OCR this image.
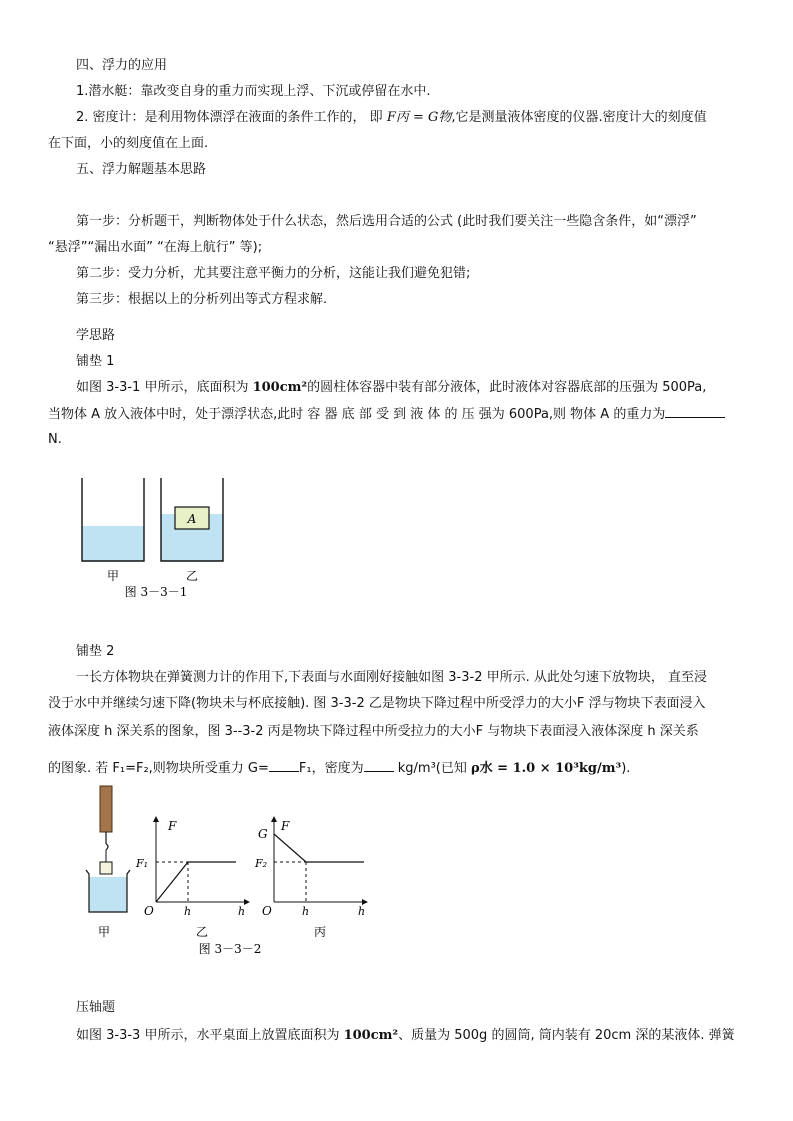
四、浮力的应用
1.潜水艇：靠改变自身的重力而实现上浮、下沉或停留在水中.
2. 密度计：是利用物体漂浮在液面的条件工作的， 即 F丙 = G物,它是测量液体密度的仪器.密度计大的刻度值
在下面，小的刻度值在上面.
五、浮力解题基本思路
第一步：分析题干，判断物体处于什么状态，然后选用合适的公式 (此时我们要关注一些隐含条件，如“漂浮”
“悬浮”“漏出水面” “在海上航行” 等);
第二步：受力分析，尤其要注意平衡力的分析，这能让我们避免犯错;
第三步：根据以上的分析列出等式方程求解.
学思路
铺垫 1
如图 3-3-1 甲所示，底面积为 100cm²的圆柱体容器中装有部分液体，此时液体对容器底部的压强为 500Pa,
当物体 A 放入液体中时，处于漂浮状态,此时 容 器 底 部 受 到 液 体 的 压 强为 600Pa,则 物体 A 的重力为
N.
A
甲	乙
图 3－3－1
铺垫 2
一长方体物块在弹簧测力计的作用下,下表面与水面刚好接触如图 3-3-2 甲所示. 从此处匀速下放物块， 直至浸
没于水中并继续匀速下降(物块未与杯底接触). 图 3-3-2 乙是物块下降过程中所受浮力的大小F 浮与物块下表面浸入
液体深度 h 深关系的图象，图 3--3-2 丙是物块下降过程中所受拉力的大小F 与物块下表面浸入液体深度 h 深关系
的图象. 若 F₁=F₂,则物块所受重力 G= F₁，密度为 kg/m³(已知 ρ水 = 1.0 × 10³kg/m³).
甲
F
F₁
O	h	h
乙
F
G
F₂
O	h	h
丙
图 3－3－2
压轴题
如图 3-3-3 甲所示，水平桌面上放置底面积为 100cm²、质量为 500g 的圆筒, 筒内装有 20cm 深的某液体. 弹簧
